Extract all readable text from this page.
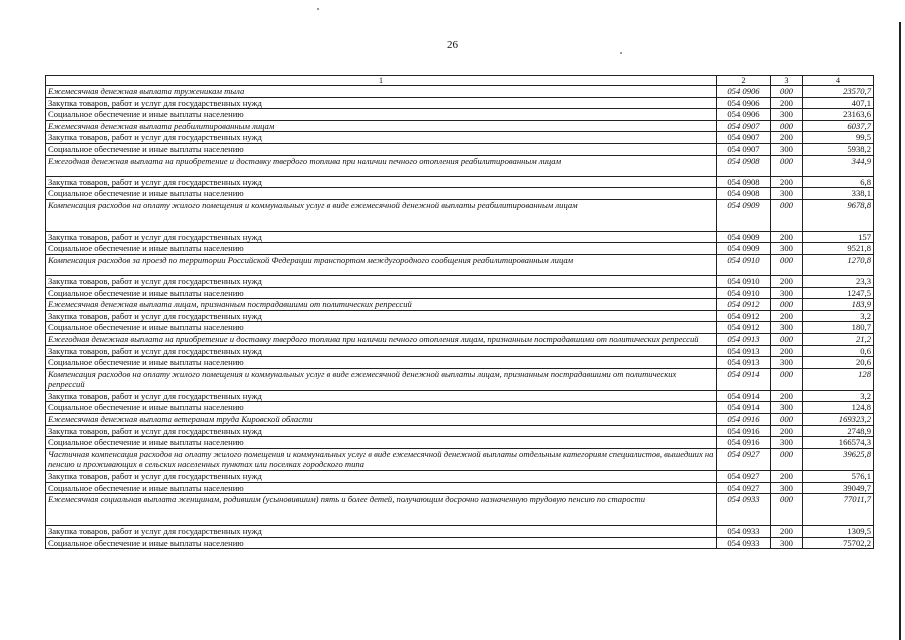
26
1	2	3	4
Ежемесячная денежная выплата труженикам тыла	054 0906	000	23570,7
Закупка товаров, работ и услуг для государственных нужд	054 0906	200	407,1
Социальное обеспечение и иные выплаты населению	054 0906	300	23163,6
Ежемесячная денежная выплата реабилитированным лицам	054 0907	000	6037,7
Закупка товаров, работ и услуг для государственных нужд	054 0907	200	99,5
Социальное обеспечение и иные выплаты населению	054 0907	300	5938,2
Ежегодная денежная выплата на приобретение и доставку твердого топлива при наличии печного отопления реабилитированным лицам	054 0908	000	344,9
Закупка товаров, работ и услуг для государственных нужд	054 0908	200	6,8
Социальное обеспечение и иные выплаты населению	054 0908	300	338,1
Компенсация расходов на оплату жилого помещения и коммунальных услуг в виде ежемесячной денежной выплаты реабилитированным лицам	054 0909	000	9678,8
Закупка товаров, работ и услуг для государственных нужд	054 0909	200	157
Социальное обеспечение и иные выплаты населению	054 0909	300	9521,8
Компенсация расходов за проезд по территории Российской Федерации транспортом междугородного сообщения реабилитированным лицам	054 0910	000	1270,8
Закупка товаров, работ и услуг для государственных нужд	054 0910	200	23,3
Социальное обеспечение и иные выплаты населению	054 0910	300	1247,5
Ежемесячная денежная выплата лицам, признанным пострадавшими от политических репрессий	054 0912	000	183,9
Закупка товаров, работ и услуг для государственных нужд	054 0912	200	3,2
Социальное обеспечение и иные выплаты населению	054 0912	300	180,7
Ежегодная денежная выплата на приобретение и доставку твердого топлива при наличии печного отопления лицам, признанным пострадавшими от политических репрессий	054 0913	000	21,2
Закупка товаров, работ и услуг для государственных нужд	054 0913	200	0,6
Социальное обеспечение и иные выплаты населению	054 0913	300	20,6
Компенсация расходов на оплату жилого помещения и коммунальных услуг в виде ежемесячной денежной выплаты лицам, признанным пострадавшими от политических репрессий	054 0914	000	128
Закупка товаров, работ и услуг для государственных нужд	054 0914	200	3,2
Социальное обеспечение и иные выплаты населению	054 0914	300	124,8
Ежемесячная денежная выплата ветеранам труда Кировской области	054 0916	000	169323,2
Закупка товаров, работ и услуг для государственных нужд	054 0916	200	2748,9
Социальное обеспечение и иные выплаты населению	054 0916	300	166574,3
Частичная компенсация расходов на оплату жилого помещения и коммунальных услуг в виде ежемесячной денежной выплаты отдельным категориям специалистов, вышедших на пенсию и проживающих в сельских населенных пунктах или поселках городского типа	054 0927	000	39625,8
Закупка товаров, работ и услуг для государственных нужд	054 0927	200	576,1
Социальное обеспечение и иные выплаты населению	054 0927	300	39049,7
Ежемесячная социальная выплата женщинам, родившим (усыновившим) пять и более детей, получающим досрочно назначенную трудовую пенсию по старости	054 0933	000	77011,7
Закупка товаров, работ и услуг для государственных нужд	054 0933	200	1309,5
Социальное обеспечение и иные выплаты населению	054 0933	300	75702,2
